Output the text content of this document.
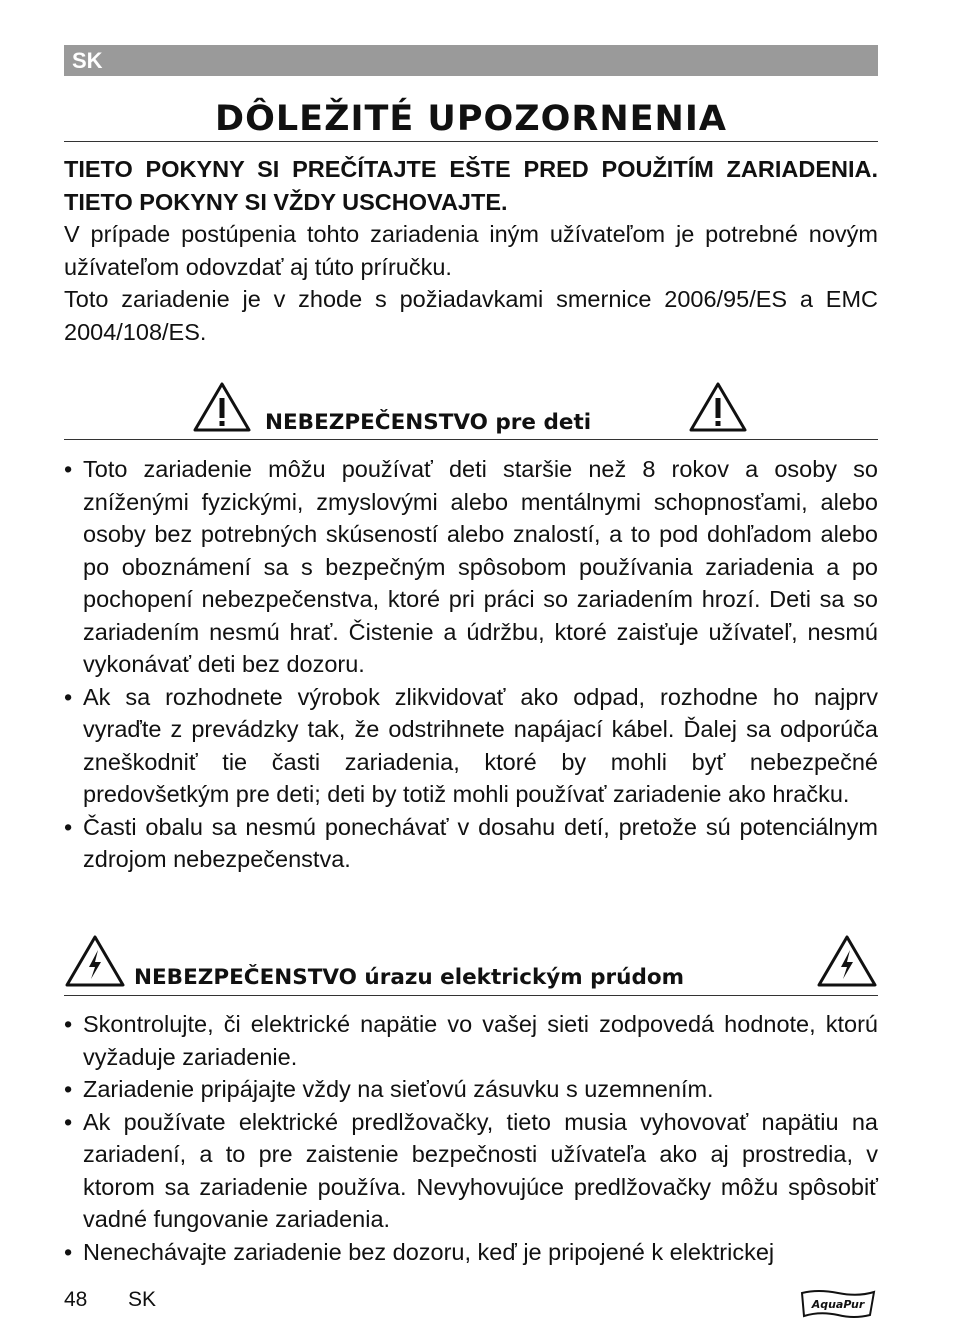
SK
DÔLEŽITÉ UPOZORNENIA

TIETO POKYNY SI PREČÍTAJTE EŠTE PRED POUŽITÍM ZARIADENIA. TIETO POKYNY SI VŽDY USCHOVAJTE.

V prípade postúpenia tohto zariadenia iným užívateľom je potrebné novým užívateľom odovzdať aj túto príručku.

Toto zariadenie je v zhode s požiadavkami smernice 2006/95/ES a EMC 2004/108/ES.

NEBEZPEČENSTVO pre deti
• Toto zariadenie môžu používať deti staršie než 8 rokov a osoby so zníženými fyzickými, zmyslovými alebo mentálnymi schopnosťami, alebo osoby bez potrebných skúseností alebo znalostí, a to pod dohľadom alebo po oboznámení sa s bezpečným spôsobom používania zariadenia a po pochopení nebezpečenstva, ktoré pri práci so zariadením hrozí. Deti sa so zariadením nesmú hrať. Čistenie a údržbu, ktoré zaisťuje užívateľ, nesmú vykonávať deti bez dozoru.
• Ak sa rozhodnete výrobok zlikvidovať ako odpad, rozhodne ho najprv vyraďte z prevádzky tak, že odstrihnete napájací kábel. Ďalej sa odporúča zneškodniť tie časti zariadenia, ktoré by mohli byť nebezpečné predovšetkým pre deti; deti by totiž mohli používať zariadenie ako hračku.
• Časti obalu sa nesmú ponechávať v dosahu detí, pretože sú potenciálnym zdrojom nebezpečenstva.
NEBEZPEČENSTVO úrazu elektrickým prúdom
• Skontrolujte, či elektrické napätie vo vašej sieti zodpovedá hodnote, ktorú vyžaduje zariadenie.
• Zariadenie pripájajte vždy na sieťovú zásuvku s uzemnením.
• Ak používate elektrické predlžovačky, tieto musia vyhovovať napätiu na zariadení, a to pre zaistenie bezpečnosti užívateľa ako aj prostredia, v ktorom sa zariadenie používa. Nevyhovujúce predlžovačky môžu spôsobiť vadné fungovanie zariadenia.
• Nenechávajte zariadenie bez dozoru, keď je pripojené k elektrickej
48 SK	AquaPur
